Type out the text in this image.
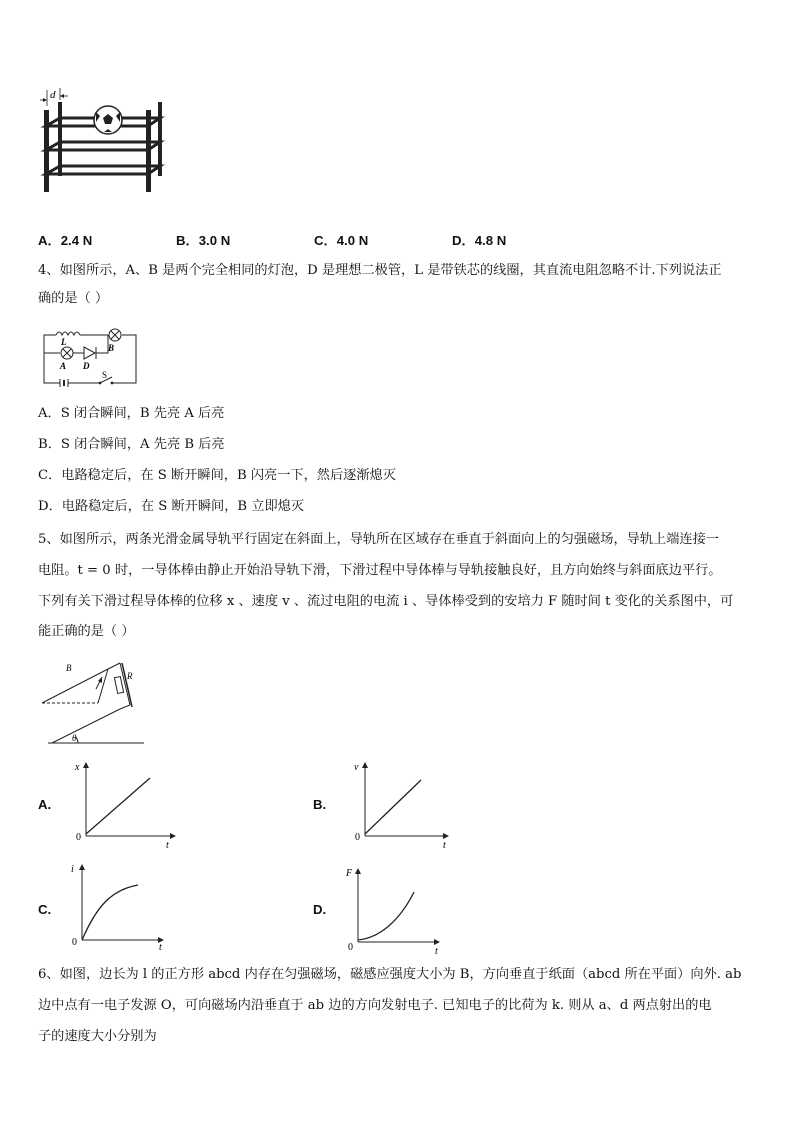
d
A．2.4 N	B．3.0 N	C．4.0 N	D．4.8 N
4、如图所示，A、B 是两个完全相同的灯泡，D 是理想二极管，L 是带铁芯的线圈，其直流电阻忽略不计.下列说法正
确的是（ ）
L
A D
B
S
A．S 闭合瞬间，B 先亮 A 后亮
B．S 闭合瞬间，A 先亮 B 后亮
C．电路稳定后，在 S 断开瞬间，B 闪亮一下，然后逐渐熄灭
D．电路稳定后，在 S 断开瞬间，B 立即熄灭
5、如图所示，两条光滑金属导轨平行固定在斜面上，导轨所在区域存在垂直于斜面向上的匀强磁场，导轨上端连接一
电阻。t = 0 时，一导体棒由静止开始沿导轨下滑，下滑过程中导体棒与导轨接触良好，且方向始终与斜面底边平行。
下列有关下滑过程导体棒的位移 x 、速度 v 、流过电阻的电流 i 、导体棒受到的安培力 F 随时间 t 变化的关系图中，可
能正确的是（ ）
B
R
θ
A.
x
t
0
B.
v
t
0
C.
i
t
0
D.
F
t
0
6、如图，边长为 l 的正方形 abcd 内存在匀强磁场，磁感应强度大小为 B，方向垂直于纸面（abcd 所在平面）向外. ab
边中点有一电子发源 O，可向磁场内沿垂直于 ab 边的方向发射电子. 已知电子的比荷为 k. 则从 a、d 两点射出的电
子的速度大小分别为
